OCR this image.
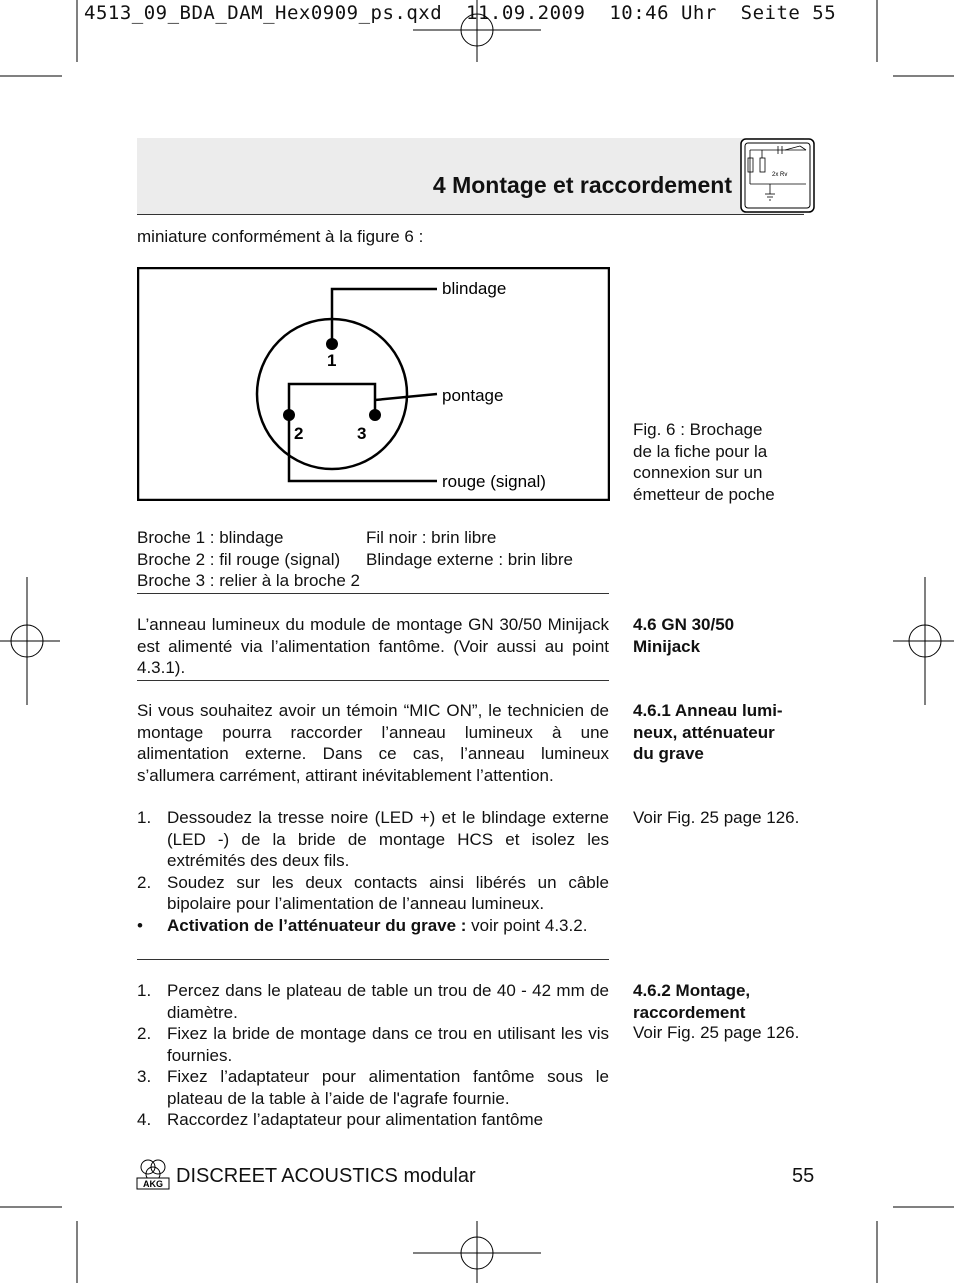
4513_09_BDA_DAM_Hex0909_ps.qxd  11.09.2009  10:46 Uhr  Seite 55
4 Montage et raccordement	2x Rv
miniature conformément à la figure 6 :
1
2	3
blindage
pontage
rouge (signal)
Fig. 6 : Brochage
de la fiche pour la
connexion sur un
émetteur de poche
Broche 1 : blindage	Fil noir : brin libre
Broche 2 : fil rouge (signal)	Blindage externe : brin libre
Broche 3 : relier à la broche 2
4.6 GN 30/50
Minijack
L’anneau lumineux du module de montage GN 30/50 Minijack est alimenté via l’alimentation fantôme. (Voir aussi au point 4.3.1).
4.6.1 Anneau lumi-
neux, atténuateur
du grave
Si vous souhaitez avoir un témoin “MIC ON”, le technicien de montage pourra raccorder l’anneau lumineux à une alimentation externe. Dans ce cas, l’anneau lumineux s’allumera carrément, attirant inévitablement l’attention.
Voir Fig. 25 page 126.
1. Dessoudez la tresse noire (LED +) et le blindage externe (LED -) de la bride de montage HCS et isolez les extrémités des deux fils.
2. Soudez sur les deux contacts ainsi libérés un câble bipolaire pour l’alimentation de l’anneau lumineux.
• Activation de l’atténuateur du grave : voir point 4.3.2.
4.6.2 Montage,
raccordement
Voir Fig. 25 page 126.
1. Percez dans le plateau de table un trou de 40 - 42 mm de diamètre.
2. Fixez la bride de montage dans ce trou en utilisant les vis fournies.
3. Fixez l’adaptateur pour alimentation fantôme sous le plateau de la table à l’aide de l'agrafe fournie.
4. Raccordez l’adaptateur pour alimentation fantôme
AKG DISCREET ACOUSTICS modular	55
